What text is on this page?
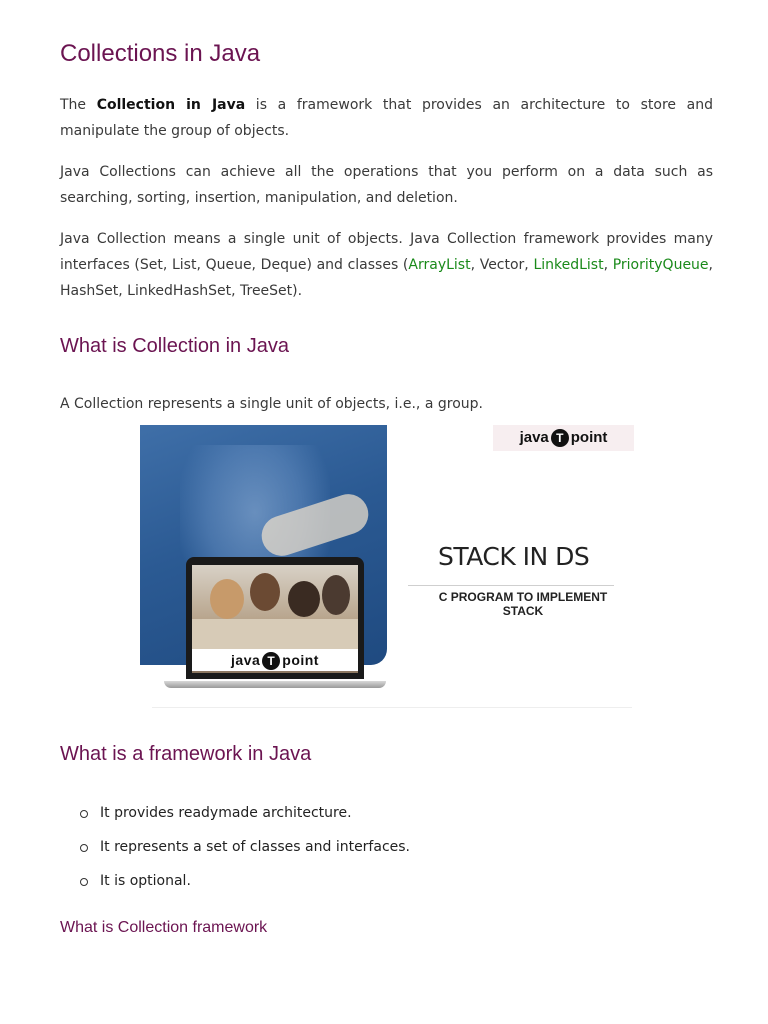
Collections in Java

The Collection in Java is a framework that provides an architecture to store and manipulate the group of objects.

Java Collections can achieve all the operations that you perform on a data such as searching, sorting, insertion, manipulation, and deletion.

Java Collection means a single unit of objects. Java Collection framework provides many interfaces (Set, List, Queue, Deque) and classes (ArrayList, Vector, LinkedList, PriorityQueue, HashSet, LinkedHashSet, TreeSet).

What is Collection in Java

A Collection represents a single unit of objects, i.e., a group.

java T point
java T point
STACK IN DS
C PROGRAM TO IMPLEMENT STACK
What is a framework in Java
It provides readymade architecture.
It represents a set of classes and interfaces.
It is optional.
What is Collection framework
